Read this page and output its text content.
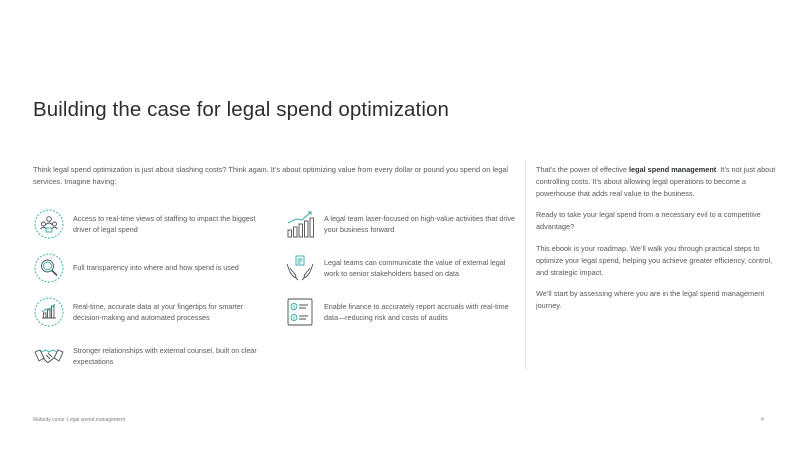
Building the case for legal spend optimization

Think legal spend optimization is just about slashing costs? Think again. It’s about optimizing value from every dollar or pound you spend on legal services. Imagine having:

Access to real-time views of staffing to impact the biggest driver of legal spend
A legal team laser-focused on high-value activities that drive your business forward
Full transparency into where and how spend is used
Legal teams can communicate the value of external legal work to senior stakeholders based on data
Real-time, accurate data at your fingertips for smarter decision-making and automated processes
Enable finance to accurately report accruals with real-time data—reducing risk and costs of audits
Stronger relationships with external counsel, built on clear expectations

That’s the power of effective legal spend management. It’s not just about controlling costs. It’s about allowing legal operations to become a powerhouse that adds real value to the business.

Ready to take your legal spend from a necessary evil to a competitive advantage?

This ebook is your roadmap. We’ll walk you through practical steps to optimize your legal spend, helping you achieve greater efficiency, control, and strategic impact.

We’ll start by assessing where you are in the legal spend management journey.

Maturity curve: Legal spend management	4
